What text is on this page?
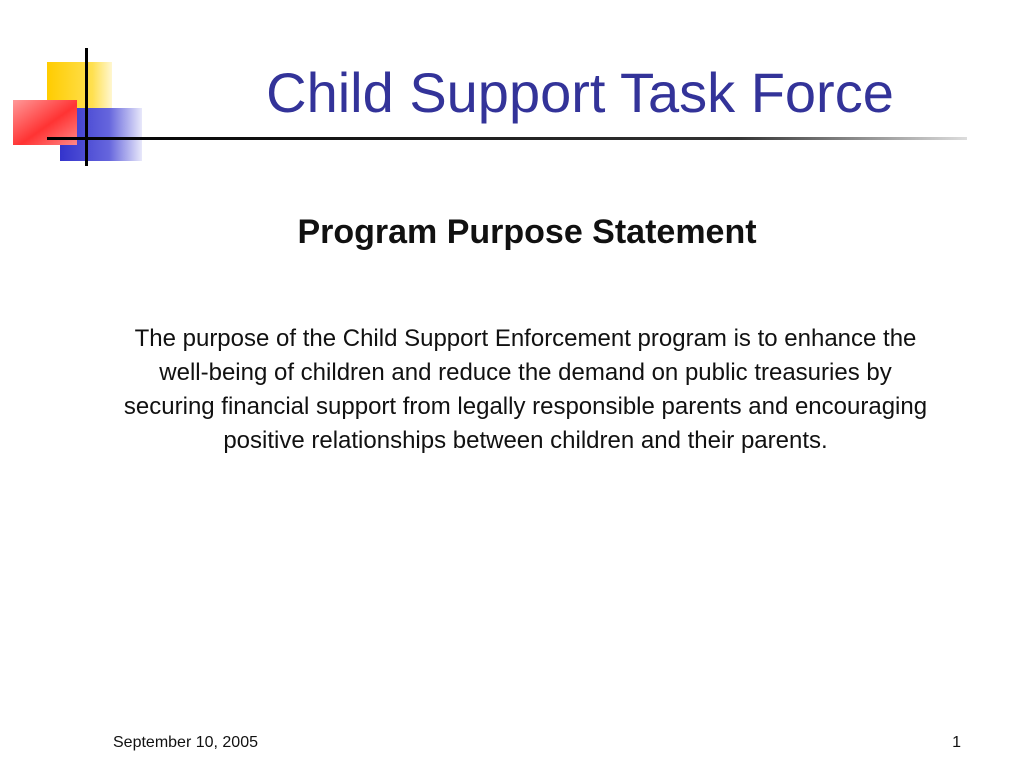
Child Support Task Force
Program Purpose Statement
The purpose of the Child Support Enforcement program is to enhance the well-being of children and reduce the demand on public treasuries by securing financial support from legally responsible parents and encouraging positive relationships between children and their parents.
September 10, 2005	1
